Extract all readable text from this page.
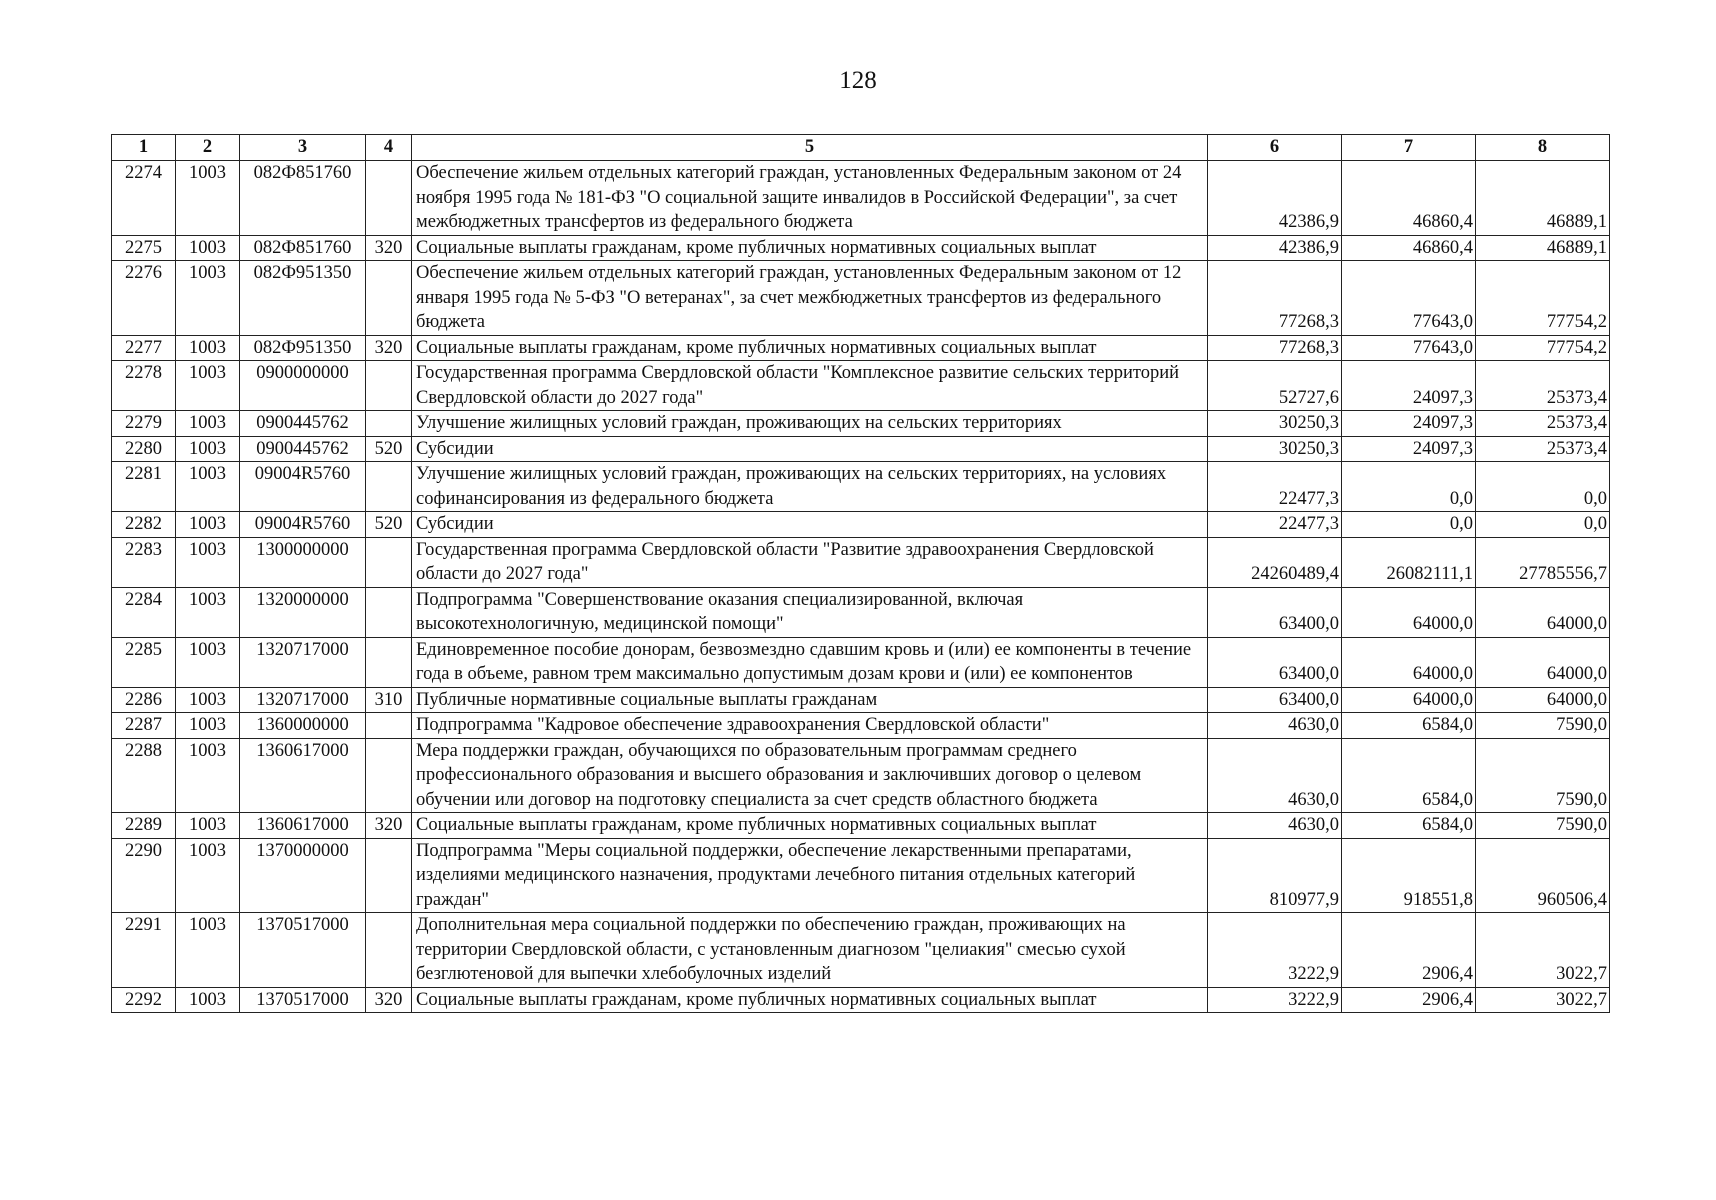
128
1	2	3	4	5	6	7	8
2274	1003	082Ф851760		Обеспечение жильем отдельных категорий граждан, установленных Федеральным законом от 24 ноября 1995 года № 181-ФЗ "О социальной защите инвалидов в Российской Федерации", за счет межбюджетных трансфертов из федерального бюджета	42386,9	46860,4	46889,1
2275	1003	082Ф851760	320	Социальные выплаты гражданам, кроме публичных нормативных социальных выплат	42386,9	46860,4	46889,1
2276	1003	082Ф951350		Обеспечение жильем отдельных категорий граждан, установленных Федеральным законом от 12 января 1995 года № 5-ФЗ "О ветеранах", за счет межбюджетных трансфертов из федерального бюджета	77268,3	77643,0	77754,2
2277	1003	082Ф951350	320	Социальные выплаты гражданам, кроме публичных нормативных социальных выплат	77268,3	77643,0	77754,2
2278	1003	0900000000		Государственная программа Свердловской области "Комплексное развитие сельских территорий Свердловской области до 2027 года"	52727,6	24097,3	25373,4
2279	1003	0900445762		Улучшение жилищных условий граждан, проживающих на сельских территориях	30250,3	24097,3	25373,4
2280	1003	0900445762	520	Субсидии	30250,3	24097,3	25373,4
2281	1003	09004R5760		Улучшение жилищных условий граждан, проживающих на сельских территориях, на условиях софинансирования из федерального бюджета	22477,3	0,0	0,0
2282	1003	09004R5760	520	Субсидии	22477,3	0,0	0,0
2283	1003	1300000000		Государственная программа Свердловской области "Развитие здравоохранения Свердловской области до 2027 года"	24260489,4	26082111,1	27785556,7
2284	1003	1320000000		Подпрограмма "Совершенствование оказания специализированной, включая высокотехнологичную, медицинской помощи"	63400,0	64000,0	64000,0
2285	1003	1320717000		Единовременное пособие донорам, безвозмездно сдавшим кровь и (или) ее компоненты в течение года в объеме, равном трем максимально допустимым дозам крови и (или) ее компонентов	63400,0	64000,0	64000,0
2286	1003	1320717000	310	Публичные нормативные социальные выплаты гражданам	63400,0	64000,0	64000,0
2287	1003	1360000000		Подпрограмма "Кадровое обеспечение здравоохранения Свердловской области"	4630,0	6584,0	7590,0
2288	1003	1360617000		Мера поддержки граждан, обучающихся по образовательным программам среднего профессионального образования и высшего образования и заключивших договор о целевом обучении или договор на подготовку специалиста за счет средств областного бюджета	4630,0	6584,0	7590,0
2289	1003	1360617000	320	Социальные выплаты гражданам, кроме публичных нормативных социальных выплат	4630,0	6584,0	7590,0
2290	1003	1370000000		Подпрограмма "Меры социальной поддержки, обеспечение лекарственными препаратами, изделиями медицинского назначения, продуктами лечебного питания отдельных категорий граждан"	810977,9	918551,8	960506,4
2291	1003	1370517000		Дополнительная мера социальной поддержки по обеспечению граждан, проживающих на территории Свердловской области, с установленным диагнозом "целиакия" смесью сухой безглютеновой для выпечки хлебобулочных изделий	3222,9	2906,4	3022,7
2292	1003	1370517000	320	Социальные выплаты гражданам, кроме публичных нормативных социальных выплат	3222,9	2906,4	3022,7
